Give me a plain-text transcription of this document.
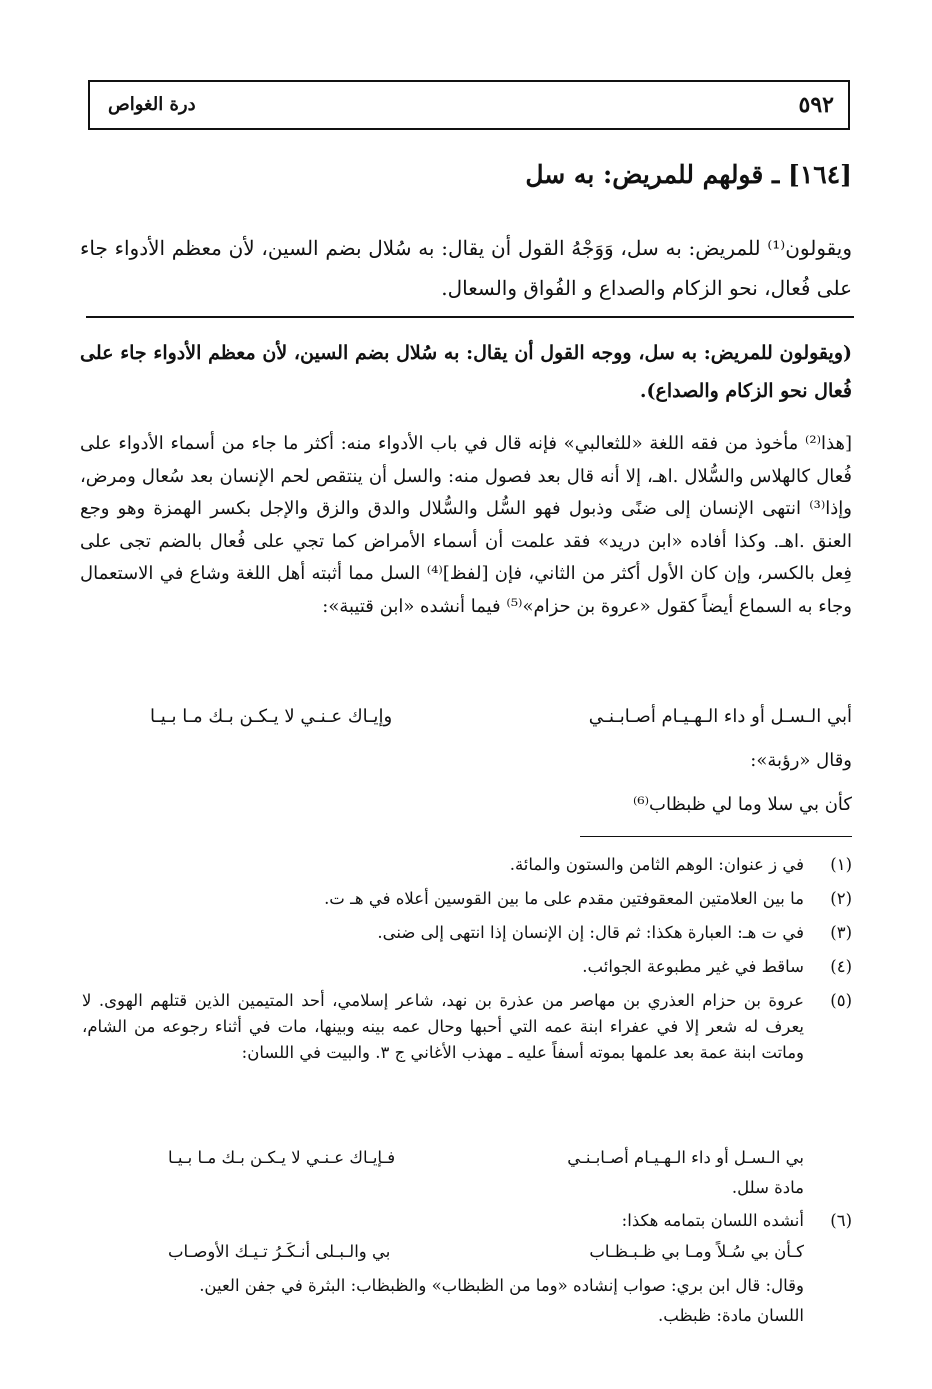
٥٩٢
درة الغواص
[١٦٤] ـ قولهم للمريض: به سل
ويقولون⁽¹⁾ للمريض: به سل، وَوَجْهُ القول أن يقال: به سُلال بضم السين، لأن معظم الأدواء جاء على فُعال، نحو الزكام والصداع و الفُواق والسعال.
(ويقولون للمريض: به سل، ووجه القول أن يقال: به سُلال بضم السين، لأن معظم الأدواء جاء على فُعال نحو الزكام والصداع).
[هذا⁽²⁾ مأخوذ من فقه اللغة «للثعالبي» فإنه قال في باب الأدواء منه: أكثر ما جاء من أسماء الأدواء على فُعال كالهلاس والسُّلال .اهـ، إلا أنه قال بعد فصول منه: والسل أن ينتقص لحم الإنسان بعد سُعال ومرض، وإذا⁽³⁾ انتهى الإنسان إلى ضنًى وذبول فهو السُّل والسُّلال والدق والزق والإجل بكسر الهمزة وهو وجع العنق .اهـ. وكذا أفاده «ابن دريد» فقد علمت أن أسماء الأمراض كما تجي على فُعال بالضم تجى على فِعل بالكسر، وإن كان الأول أكثر من الثاني، فإن [لفظ]⁽⁴⁾ السل مما أثبته أهل اللغة وشاع في الاستعمال وجاء به السماع أيضاً كقول «عروة بن حزام»⁽⁵⁾ فيما أنشده «ابن قتيبة»:
أبي الـسـل أو داء الـهـيـام أصـابـنـي
وإيـاك عـنـي لا يـكـن بـك مـا بـيـا
وقال «رؤبة»:
كأن بي سلا وما لي ظبظاب⁽⁶⁾
(١)
في ز عنوان: الوهم الثامن والستون والمائة.
(٢)
ما بين العلامتين المعقوفتين مقدم على ما بين القوسين أعلاه في هـ ت.
(٣)
في ت هـ: العبارة هكذا: ثم قال: إن الإنسان إذا انتهى إلى ضنى.
(٤)
ساقط في غير مطبوعة الجوائب.
(٥)
عروة بن حزام العذري بن مهاصر من عذرة بن نهد، شاعر إسلامي، أحد المتيمين الذين قتلهم الهوى. لا يعرف له شعر إلا في عفراء ابنة عمه التي أحبها وحال عمه بينه وبينها، مات في أثناء رجوعه من الشام، وماتت ابنة عمة بعد علمها بموته أسفاً عليه ـ مهذب الأغاني ج ٣. والبيت في اللسان:
بي الـسـل أو داء الـهـيـام أصـابـنـي
فـإيـاك عـنـي لا يـكـن بـك مـا بـيـا
مادة سلل.
(٦)
أنشده اللسان بتمامه هكذا:
كـأن بي سُـلاً ومـا بي ظـبـظـاب
بي والـبـلى أنـكَـرُ تـيـك الأوصـاب
وقال: قال ابن بري: صواب إنشاده «وما من الظبظاب» والظبظاب: البثرة في جفن العين.
اللسان مادة: ظبظب.
